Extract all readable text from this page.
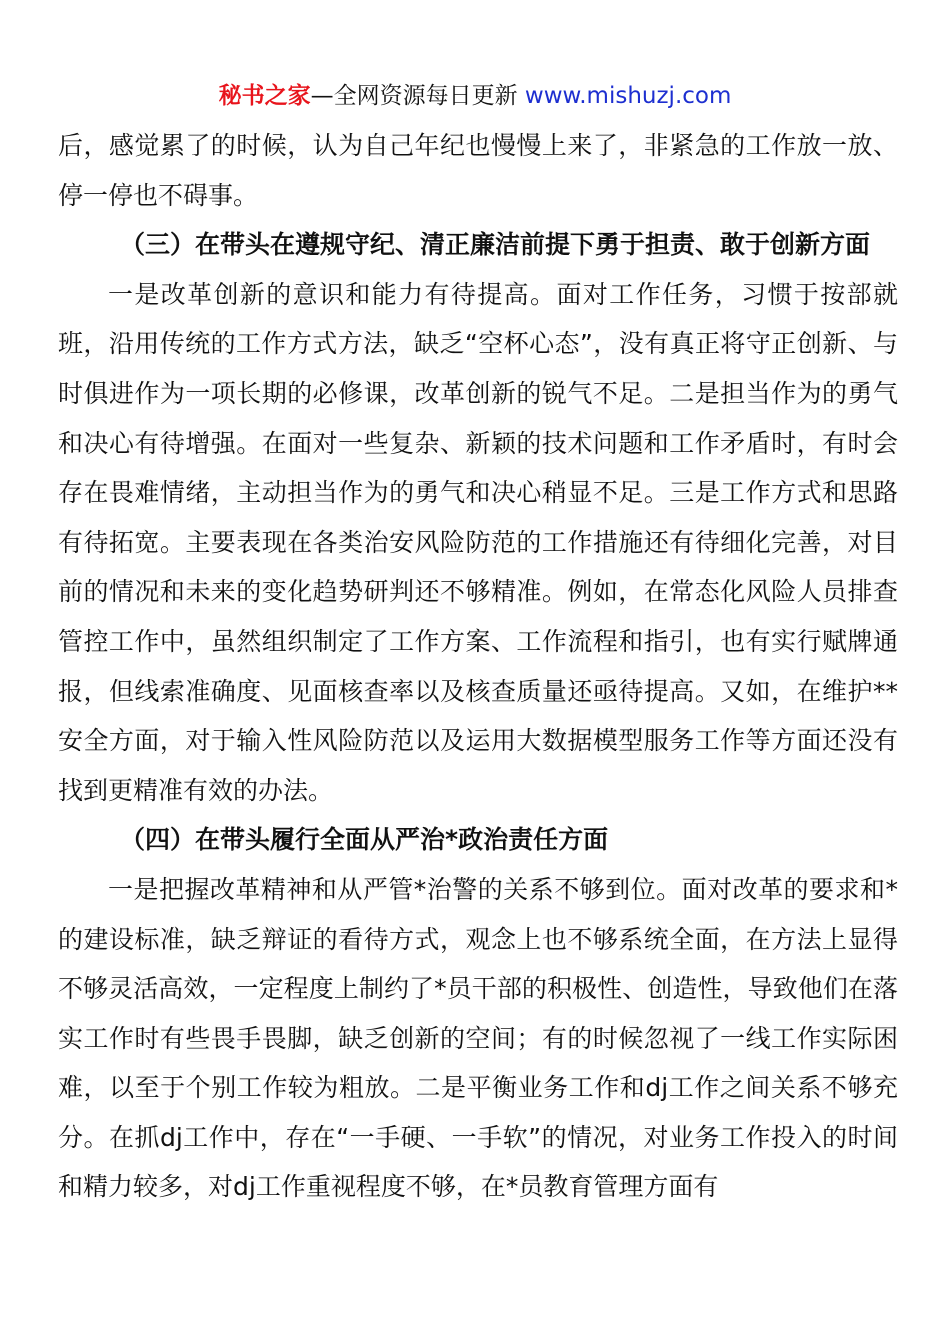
秘书之家—全网资源每日更新 www.mishuzj.com

后，感觉累了的时候，认为自己年纪也慢慢上来了，非紧急的工作放一放、停一停也不碍事。

（三）在带头在遵规守纪、清正廉洁前提下勇于担责、敢于创新方面

一是改革创新的意识和能力有待提高。面对工作任务，习惯于按部就班，沿用传统的工作方式方法，缺乏“空杯心态”，没有真正将守正创新、与时俱进作为一项长期的必修课，改革创新的锐气不足。二是担当作为的勇气和决心有待增强。在面对一些复杂、新颖的技术问题和工作矛盾时，有时会存在畏难情绪，主动担当作为的勇气和决心稍显不足。三是工作方式和思路有待拓宽。主要表现在各类治安风险防范的工作措施还有待细化完善，对目前的情况和未来的变化趋势研判还不够精准。例如，在常态化风险人员排查管控工作中，虽然组织制定了工作方案、工作流程和指引，也有实行赋牌通报，但线索准确度、见面核查率以及核查质量还亟待提高。又如，在维护**安全方面，对于输入性风险防范以及运用大数据模型服务工作等方面还没有找到更精准有效的办法。

（四）在带头履行全面从严治*政治责任方面

一是把握改革精神和从严管*治警的关系不够到位。面对改革的要求和*的建设标准，缺乏辩证的看待方式，观念上也不够系统全面，在方法上显得不够灵活高效，一定程度上制约了*员干部的积极性、创造性，导致他们在落实工作时有些畏手畏脚，缺乏创新的空间；有的时候忽视了一线工作实际困难，以至于个别工作较为粗放。二是平衡业务工作和dj工作之间关系不够充分。在抓dj工作中，存在“一手硬、一手软”的情况，对业务工作投入的时间和精力较多，对dj工作重视程度不够，在*员教育管理方面有
